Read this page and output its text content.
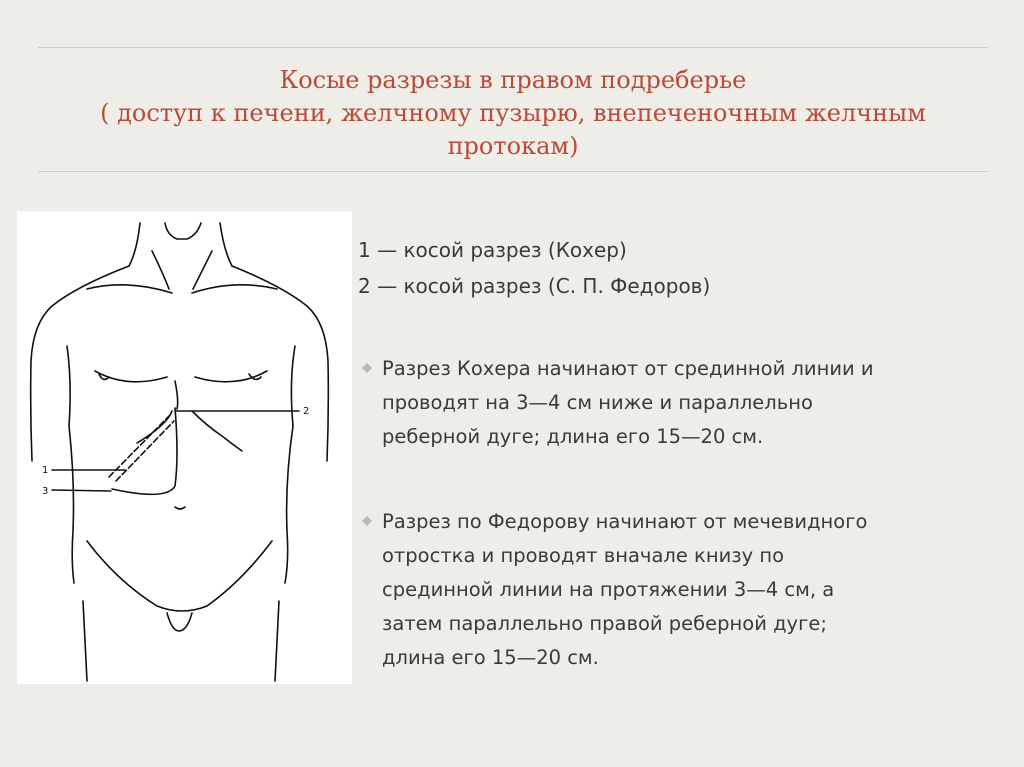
Косые разрезы в правом подреберье
( доступ к печени, желчному пузырю, внепеченочным желчным
протокам)
1
2
3
1 — косой разрез (Кохер)
2 — косой разрез (С. П. Федоров)
Разрез Кохера начинают от срединной линии и
проводят на 3—4 см ниже и параллельно
реберной дуге; длина его 15—20 см.
Разрез по Федорову начинают от мечевидного
отростка и проводят вначале книзу по
срединной линии на протяжении 3—4 см, а
затем параллельно правой реберной дуге;
длина его 15—20 см.
